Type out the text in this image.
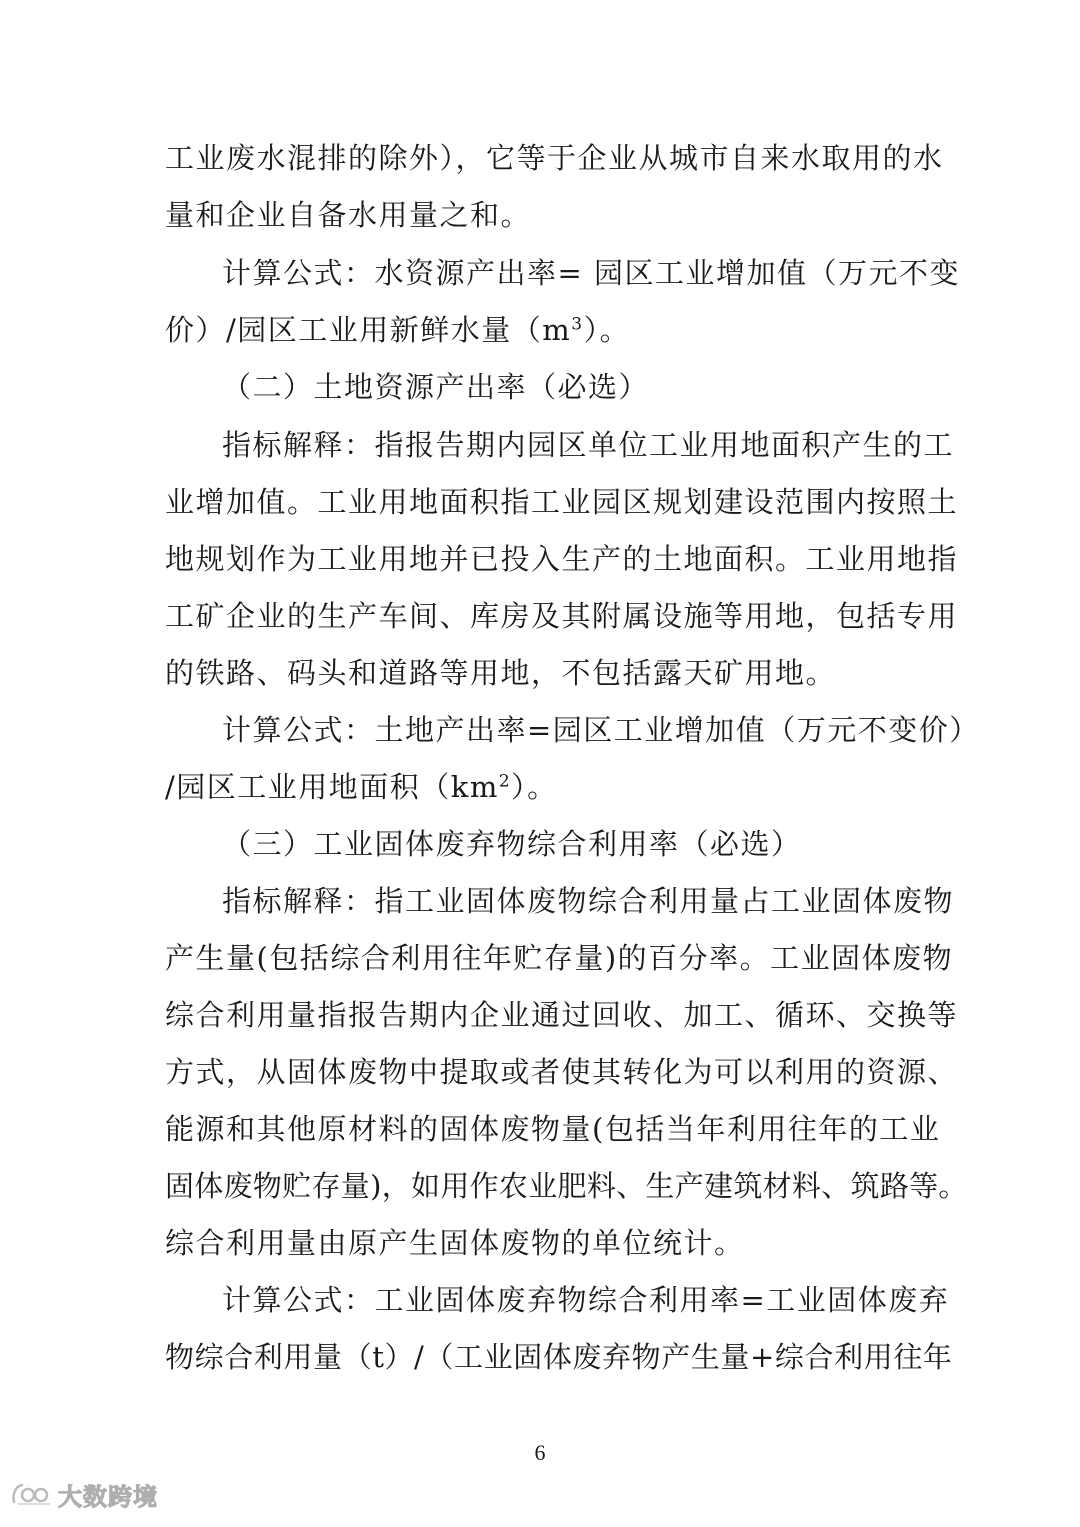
工业废水混排的除外），它等于企业从城市自来水取用的水
量和企业自备水用量之和。
计算公式：水资源产出率= 园区工业增加值（万元不变
价）/园区工业用新鲜水量$(m^3)$。
（二）土地资源产出率（必选）
指标解释：指报告期内园区单位工业用地面积产生的工
业增加值。工业用地面积指工业园区规划建设范围内按照土
地规划作为工业用地并已投入生产的土地面积。工业用地指
工矿企业的生产车间、库房及其附属设施等用地，包括专用
的铁路、码头和道路等用地，不包括露天矿用地。
计算公式：土地产出率=园区工业增加值（万元不变价）
/园区工业用地面积$(km^2)$。
（三）工业固体废弃物综合利用率（必选）
指标解释：指工业固体废物综合利用量占工业固体废物
产生量(包括综合利用往年贮存量)的百分率。工业固体废物
综合利用量指报告期内企业通过回收、加工、循环、交换等
方式，从固体废物中提取或者使其转化为可以利用的资源、
能源和其他原材料的固体废物量(包括当年利用往年的工业
固体废物贮存量)，如用作农业肥料、生产建筑材料、筑路等。
综合利用量由原产生固体废物的单位统计。
计算公式：工业固体废弃物综合利用率=工业固体废弃
物综合利用量（t）/（工业固体废弃物产生量+综合利用往年
6
大数跨境
